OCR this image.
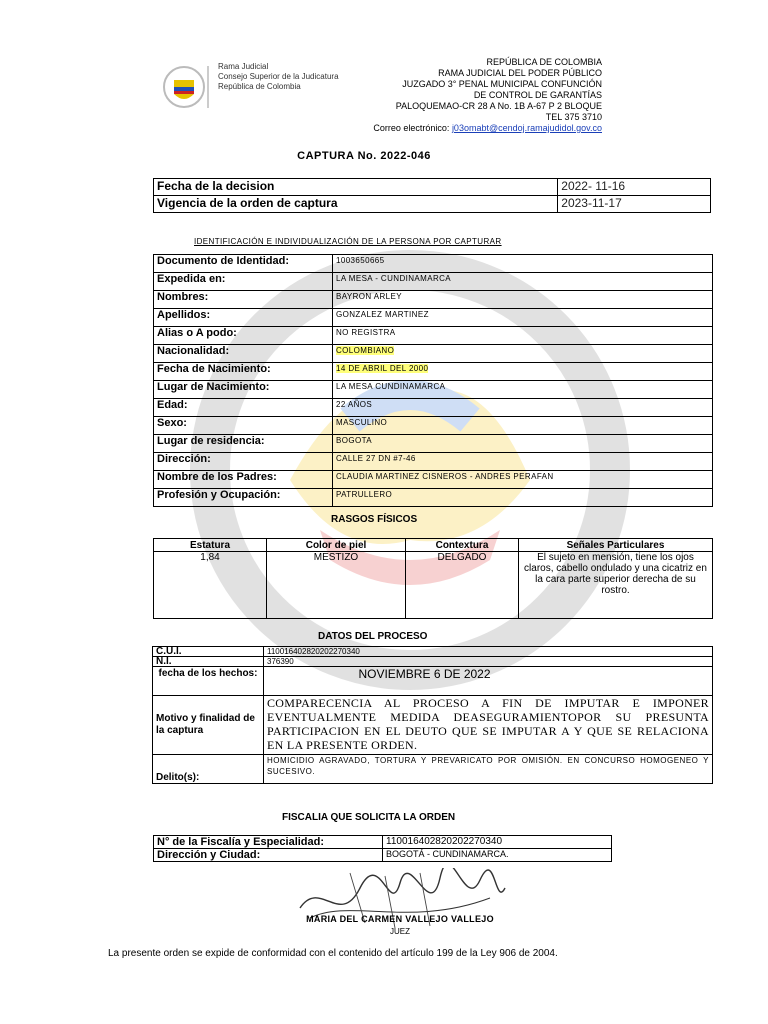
Rama Judicial
Consejo Superior de la Judicatura
República de Colombia
REPÚBLICA DE COLOMBIA
RAMA JUDICIAL DEL PODER PÚBLICO
JUZGADO 3° PENAL MUNICIPAL CONFUNCIÓN
DE CONTROL DE GARANTÍAS
PALOQUEMAO-CR 28 A No. 1B A-67 P 2 BLOQUE
TEL 375 3710
Correo electrónico: j03omabt@cendoj.ramajudidol.gov.co
CAPTURA No. 2022-046
Fecha de la decision	2022- 11-16
Vigencia de la orden de captura	2023-11-17
IDENTIFICACIÓN E INDIVIDUALIZACIÓN DE LA PERSONA POR CAPTURAR
Documento de Identidad:	1003650665
Expedida en:	LA MESA - CUNDINAMARCA
Nombres:	BAYRON ARLEY
Apellidos:	GONZALEZ MARTINEZ
Alias o A podo:	NO REGISTRA
Nacionalidad:	COLOMBIANO
Fecha de Nacimiento:	14 DE ABRIL DEL 2000
Lugar de Nacimiento:	LA MESA CUNDINAMARCA
Edad:	22 AÑOS
Sexo:	MASCULINO
Lugar de residencia:	BOGOTA
Dirección:	CALLE 27 DN #7-46
Nombre de los Padres:	CLAUDIA MARTINEZ CISNEROS - ANDRES PERAFAN
Profesión y Ocupación:	PATRULLERO
RASGOS FÍSICOS
Estatura	Color de piel	Contextura	Señales Particulares
1,84	MESTIZO	DELGADO	El sujeto en mensión, tiene los ojos claros, cabello ondulado y una cicatriz en la cara parte superior derecha de su rostro.
DATOS DEL PROCESO
C.U.I.	110016402820202270340
N.I.	376390
fecha de los hechos:	NOVIEMBRE 6 DE 2022
Motivo y finalidad de la captura	COMPARECENCIA AL PROCESO A FIN DE IMPUTAR E IMPONER EVENTUALMENTE MEDIDA DEASEGURAMIENTOPOR SU PRESUNTA PARTICIPACION EN EL DEUTO QUE SE IMPUTAR A Y QUE SE RELACIONA EN LA PRESENTE ORDEN.
Delito(s):	HOMICIDIO AGRAVADO, TORTURA Y PREVARICATO POR OMISIÓN. EN CONCURSO HOMOGENEO Y SUCESIVO.
FISCALIA QUE SOLICITA LA ORDEN
N° de la Fiscalía y Especialidad:	110016402820202270340
Dirección y Ciudad:	BOGOTÁ - CUNDINAMARCA.
MARIA DEL CARMEN VALLEJO VALLEJO
JUEZ
La presente orden se expide de conformidad con el contenido del artículo 199 de la Ley 906 de 2004.
